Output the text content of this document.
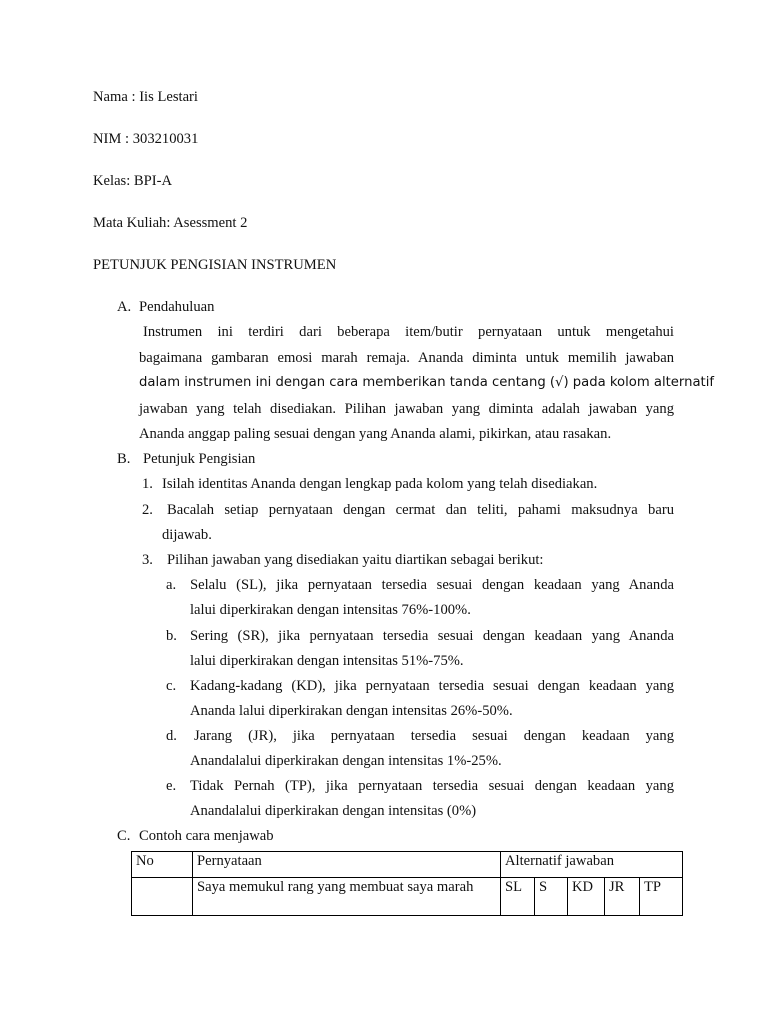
Nama : Iis Lestari
NIM : 303210031
Kelas: BPI-A
Mata Kuliah: Asessment 2
PETUNJUK PENGISIAN INSTRUMEN
A. Pendahuluan
Instrumen ini terdiri dari beberapa item/butir pernyataan untuk mengetahui
bagaimana gambaran emosi marah remaja. Ananda diminta untuk memilih jawaban
dalam instrumen ini dengan cara memberikan tanda centang (√) pada kolom alternatif
jawaban yang telah disediakan. Pilihan jawaban yang diminta adalah jawaban yang
Ananda anggap paling sesuai dengan yang Ananda alami, pikirkan, atau rasakan.
B. Petunjuk Pengisian
1. Isilah identitas Ananda dengan lengkap pada kolom yang telah disediakan.
2. Bacalah setiap pernyataan dengan cermat dan teliti, pahami maksudnya baru
dijawab.
3. Pilihan jawaban yang disediakan yaitu diartikan sebagai berikut:
a. Selalu (SL), jika pernyataan tersedia sesuai dengan keadaan yang Ananda
lalui diperkirakan dengan intensitas 76%-100%.
b. Sering (SR), jika pernyataan tersedia sesuai dengan keadaan yang Ananda
lalui diperkirakan dengan intensitas 51%-75%.
c. Kadang-kadang (KD), jika pernyataan tersedia sesuai dengan keadaan yang
Ananda lalui diperkirakan dengan intensitas 26%-50%.
d. Jarang (JR), jika pernyataan tersedia sesuai dengan keadaan yang
Anandalalui diperkirakan dengan intensitas 1%-25%.
e. Tidak Pernah (TP), jika pernyataan tersedia sesuai dengan keadaan yang
Anandalalui diperkirakan dengan intensitas (0%)
C. Contoh cara menjawab
No	Pernyataan	Alternatif jawaban				
	Saya memukul rang yang membuat saya marah	SL	S	KD	JR	TP
